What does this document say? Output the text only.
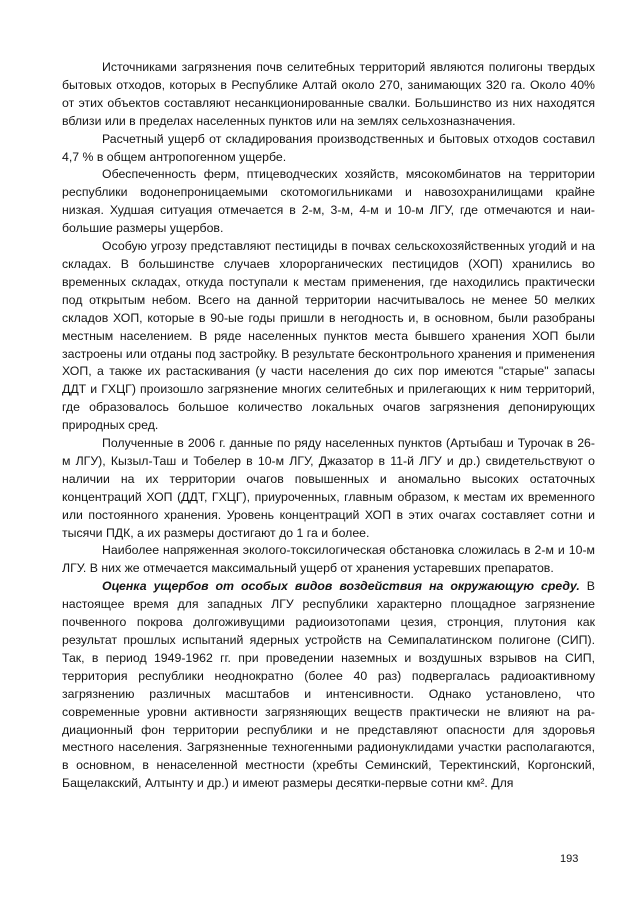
Источниками загрязнения почв селитебных территорий являются полигоны твердых бытовых отходов, которых в Республике Алтай около 270, занимающих 320 га. Около 40% от этих объектов составляют несанкционированные свалки. Большинство из них находятся вблизи или в пределах населенных пунктов или на землях сельхозназначения.

Расчетный ущерб от складирования производственных и бытовых отходов составил 4,7 % в общем антропогенном ущербе.

Обеспеченность ферм, птицеводческих хозяйств, мясокомбинатов на территории республики водонепроницаемыми скотомогильниками и навозохранилищами крайне низкая. Худшая ситуация отмечается в 2-м, 3-м, 4-м и 10-м ЛГУ, где отмечаются и наибольшие размеры ущербов.

Особую угрозу представляют пестициды в почвах сельскохозяйственных угодий и на складах. В большинстве случаев хлорорганических пестицидов (ХОП) хранились во временных складах, откуда поступали к местам применения, где находились практически под открытым небом. Всего на данной территории насчитывалось не менее 50 мелких складов ХОП, которые в 90-ые годы пришли в негодность и, в основном, были разобраны местным населением. В ряде населенных пунктов места бывшего хранения ХОП были застроены или отданы под застройку. В результате бесконтрольного хранения и применения ХОП, а также их растаскивания (у части населения до сих пор имеются "старые" запасы ДДТ и ГХЦГ) произошло загрязнение многих селитебных и прилегающих к ним территорий, где образовалось большое количество локальных очагов загрязнения депонирующих природных сред.

Полученные в 2006 г. данные по ряду населенных пунктов (Артыбаш и Турочак в 26-м ЛГУ), Кызыл-Таш и Тобелер в 10-м ЛГУ, Джазатор в 11-й ЛГУ и др.) свидетельствуют о наличии на их территории очагов повышенных и аномально высоких остаточных концентраций ХОП (ДДТ, ГХЦГ), приуроченных, главным образом, к местам их временного или постоянного хранения. Уровень концентраций ХОП в этих очагах составляет сотни и тысячи ПДК, а их размеры достигают до 1 га и более.

Наиболее напряженная эколого-токсилогическая обстановка сложилась в 2-м и 10-м ЛГУ. В них же отмечается максимальный ущерб от хранения устаревших препаратов.

Оценка ущербов от особых видов воздействия на окружающую среду. В настоящее время для западных ЛГУ республики характерно площадное загрязнение почвенного покрова долгоживущими радиоизотопами цезия, стронция, плутония как результат прошлых испытаний ядерных устройств на Семипалатинском полигоне (СИП). Так, в период 1949-1962 гг. при проведении наземных и воздушных взрывов на СИП, территория республики неоднократно (более 40 раз) подвергалась радиоактивному загрязнению различных масштабов и интенсивности. Однако установлено, что современные уровни активности загрязняющих веществ практически не влияют на радиационный фон территории республики и не представляют опасности для здоровья местного населения. Загрязненные техногенными радионуклидами участки располагаются, в основном, в ненаселенной местности (хребты Семинский, Теректинский, Коргонский, Бащелакский, Алтынту и др.) и имеют размеры десятки-первые сотни км². Для

193
